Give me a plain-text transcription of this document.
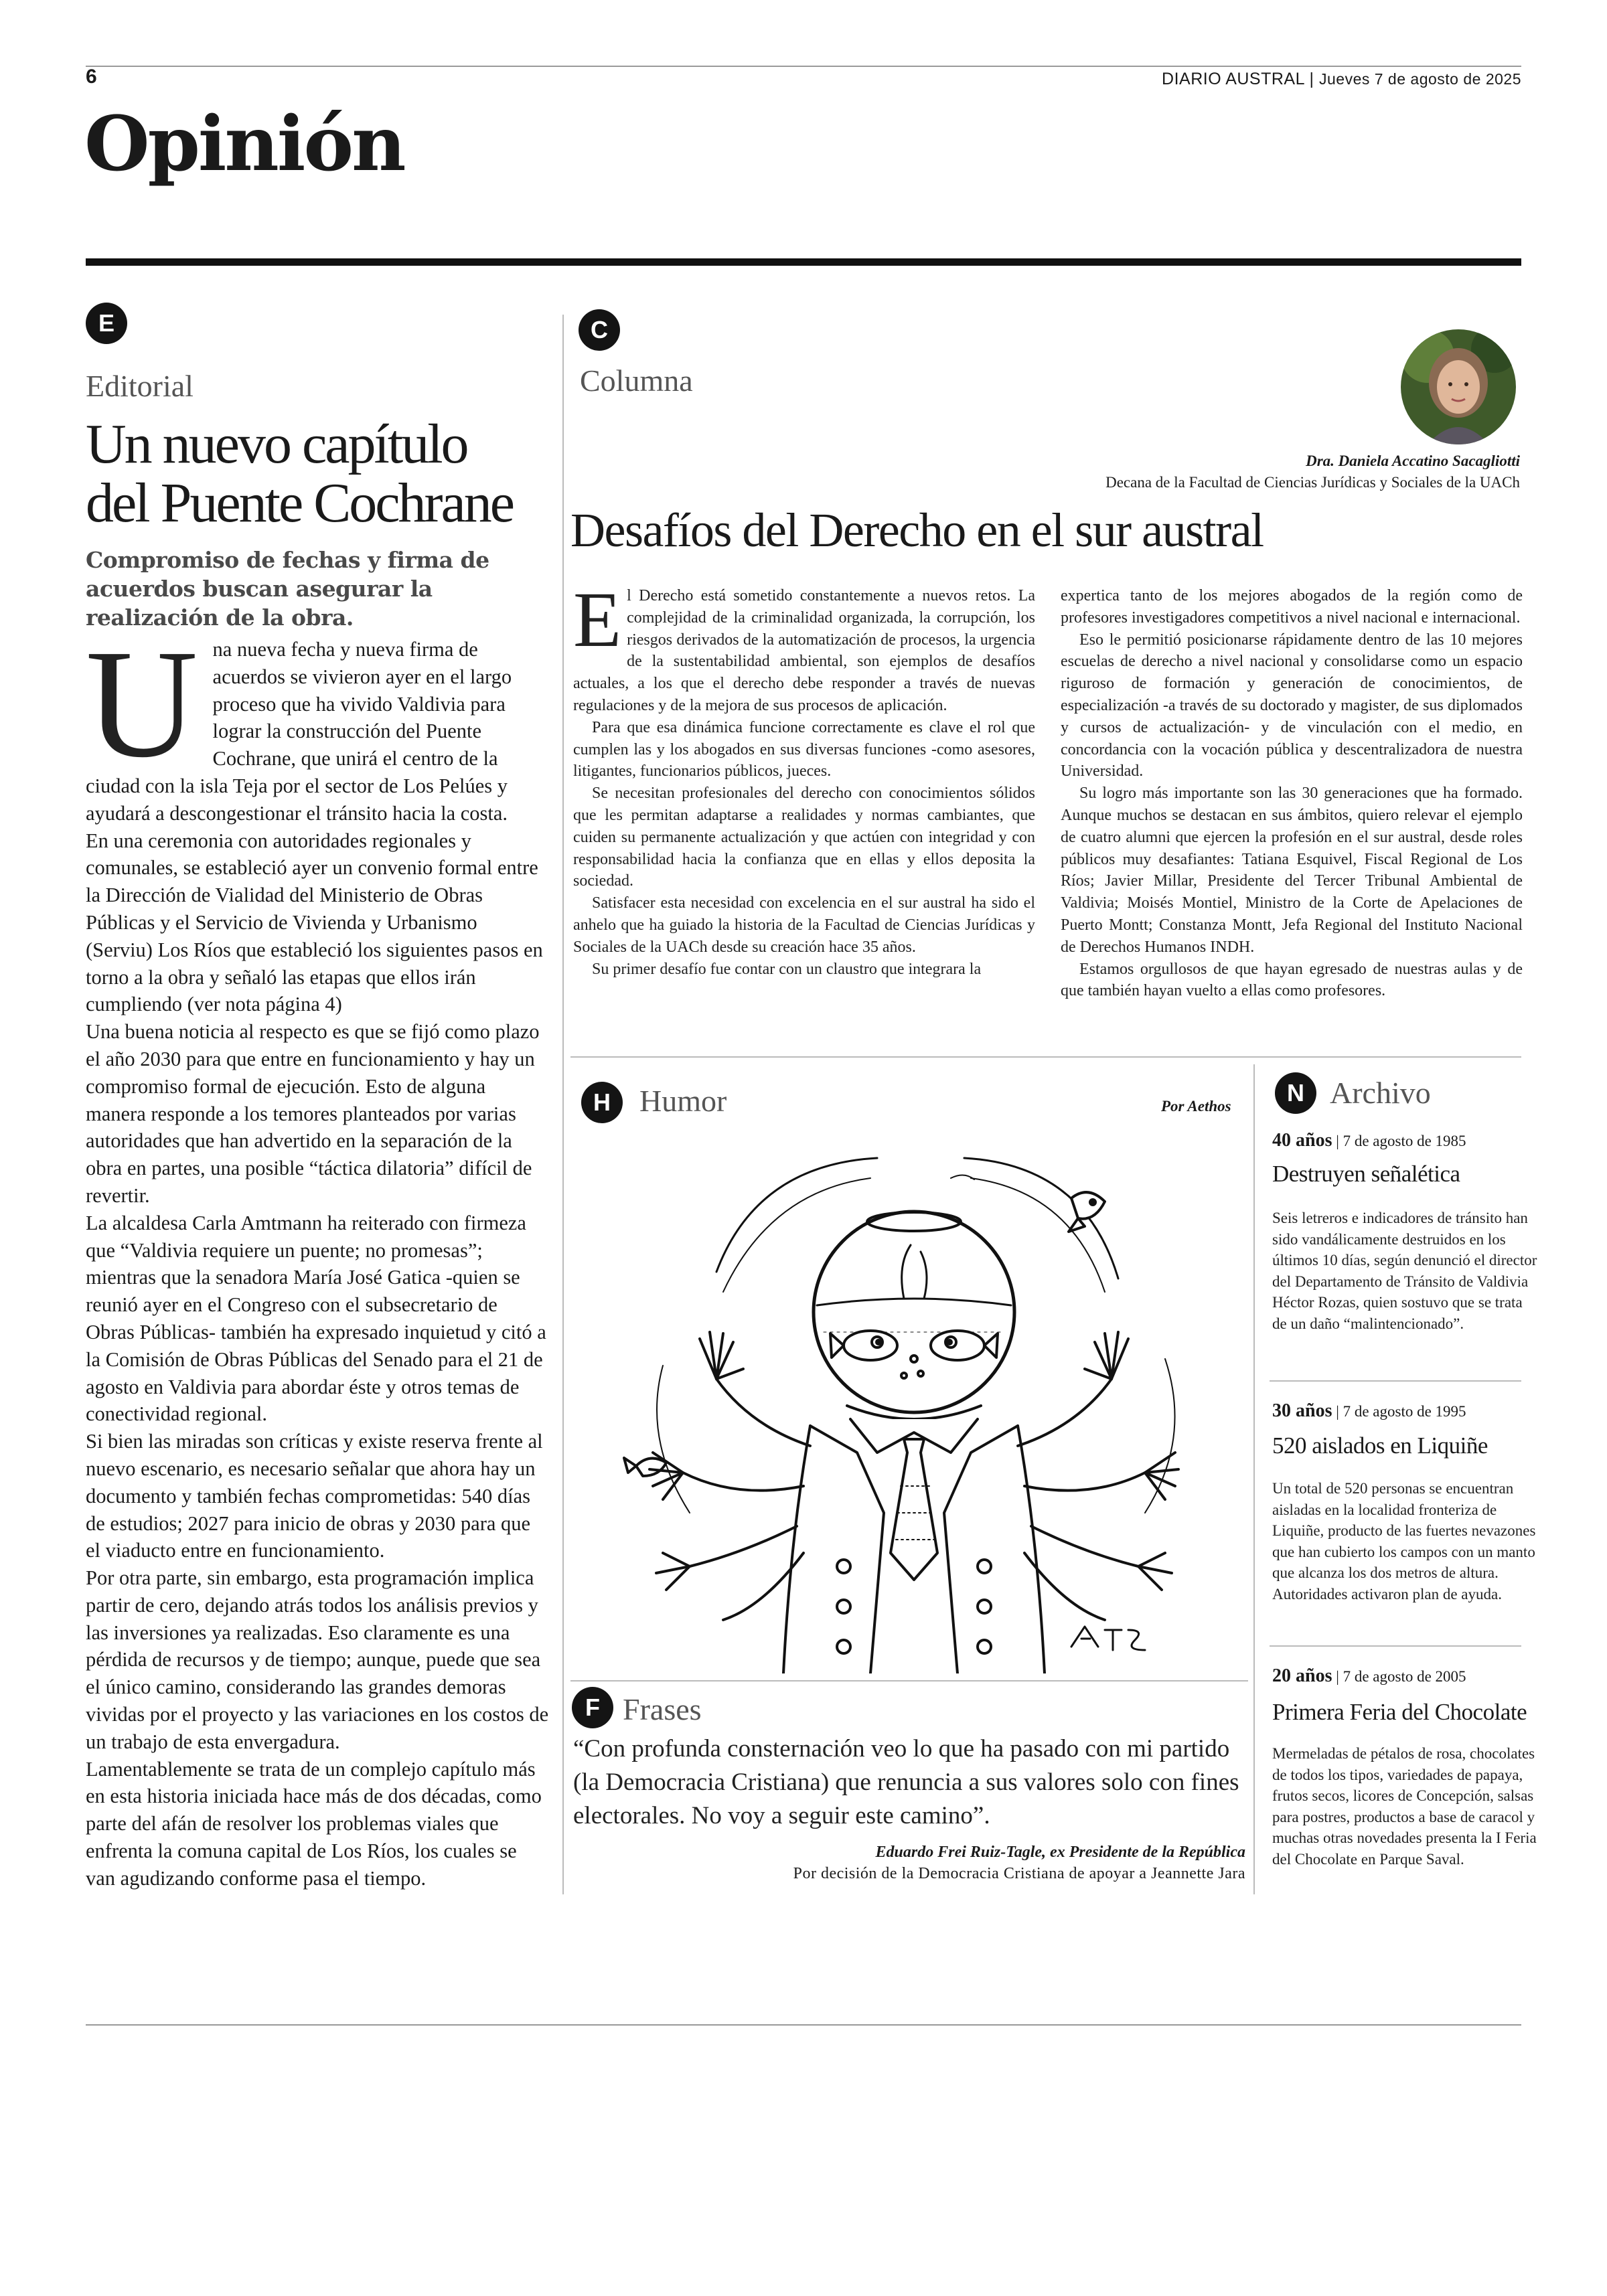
6	DIARIO AUSTRAL | Jueves 7 de agosto de 2025
Opinión
E
Editorial
Un nuevo capítulo
del Puente Cochrane
Compromiso de fechas y firma de acuerdos buscan asegurar la realización de la obra.
U na nueva fecha y nueva firma de acuerdos se vivieron ayer en el largo proceso que ha vivido Valdivia para lograr la construcción del Puente Cochrane, que unirá el centro de la ciudad con la isla Teja por el sector de Los Pelúes y ayudará a descongestionar el tránsito hacia la costa.

En una ceremonia con autoridades regionales y comunales, se estableció ayer un convenio formal entre la Dirección de Vialidad del Ministerio de Obras Públicas y el Servicio de Vivienda y Urbanismo (Serviu) Los Ríos que estableció los siguientes pasos en torno a la obra y señaló las etapas que ellos irán cumpliendo (ver nota página 4)

Una buena noticia al respecto es que se fijó como plazo el año 2030 para que entre en funcionamiento y hay un compromiso formal de ejecución. Esto de alguna manera responde a los temores planteados por varias autoridades que han advertido en la separación de la obra en partes, una posible “táctica dilatoria” difícil de revertir.

La alcaldesa Carla Amtmann ha reiterado con firmeza que “Valdivia requiere un puente; no promesas”; mientras que la senadora María José Gatica -quien se reunió ayer en el Congreso con el subsecretario de Obras Públicas- también ha expresado inquietud y citó a la Comisión de Obras Públicas del Senado para el 21 de agosto en Valdivia para abordar éste y otros temas de conectividad regional.

Si bien las miradas son críticas y existe reserva frente al nuevo escenario, es necesario señalar que ahora hay un documento y también fechas comprometidas: 540 días de estudios; 2027 para inicio de obras y 2030 para que el viaducto entre en funcionamiento.

Por otra parte, sin embargo, esta programación implica partir de cero, dejando atrás todos los análisis previos y las inversiones ya realizadas. Eso claramente es una pérdida de recursos y de tiempo; aunque, puede que sea el único camino, considerando las grandes demoras vividas por el proyecto y las variaciones en los costos de un trabajo de esta envergadura.

Lamentablemente se trata de un complejo capítulo más en esta historia iniciada hace más de dos décadas, como parte del afán de resolver los problemas viales que enfrenta la comuna capital de Los Ríos, los cuales se van agudizando conforme pasa el tiempo.

C
Columna
Dra. Daniela Accatino Sacagliotti
Decana de la Facultad de Ciencias Jurídicas y Sociales de la UACh
Desafíos del Derecho en el sur austral
E l Derecho está sometido constantemente a nuevos retos. La complejidad de la criminalidad organizada, la corrupción, los riesgos derivados de la automatización de procesos, la urgencia de la sustentabilidad ambiental, son ejemplos de desafíos actuales, a los que el derecho debe responder a través de nuevas regulaciones y de la mejora de sus procesos de aplicación.

Para que esa dinámica funcione correctamente es clave el rol que cumplen las y los abogados en sus diversas funciones -como asesores, litigantes, funcionarios públicos, jueces.

Se necesitan profesionales del derecho con conocimientos sólidos que les permitan adaptarse a realidades y normas cambiantes, que cuiden su permanente actualización y que actúen con integridad y con responsabilidad hacia la confianza que en ellas y ellos deposita la sociedad.

Satisfacer esta necesidad con excelencia en el sur austral ha sido el anhelo que ha guiado la historia de la Facultad de Ciencias Jurídicas y Sociales de la UACh desde su creación hace 35 años.

Su primer desafío fue contar con un claustro que integrara la

expertica tanto de los mejores abogados de la región como de profesores investigadores competitivos a nivel nacional e internacional.

Eso le permitió posicionarse rápidamente dentro de las 10 mejores escuelas de derecho a nivel nacional y consolidarse como un espacio riguroso de formación y generación de conocimientos, de especialización -a través de su doctorado y magister, de sus diplomados y cursos de actualización- y de vinculación con el medio, en concordancia con la vocación pública y descentralizadora de nuestra Universidad.

Su logro más importante son las 30 generaciones que ha formado. Aunque muchos se destacan en sus ámbitos, quiero relevar el ejemplo de cuatro alumni que ejercen la profesión en el sur austral, desde roles públicos muy desafiantes: Tatiana Esquivel, Fiscal Regional de Los Ríos; Javier Millar, Presidente del Tercer Tribunal Ambiental de Valdivia; Moisés Montiel, Ministro de la Corte de Apelaciones de Puerto Montt; Constanza Montt, Jefa Regional del Instituto Nacional de Derechos Humanos INDH.

Estamos orgullosos de que hayan egresado de nuestras aulas y de que también hayan vuelto a ellas como profesores.

H Humor	Por Aethos
F Frases
“Con profunda consternación veo lo que ha pasado con mi partido (la Democracia Cristiana) que renuncia a sus valores solo con fines electorales. No voy a seguir este camino”.
Eduardo Frei Ruiz-Tagle, ex Presidente de la República
Por decisión de la Democracia Cristiana de apoyar a Jeannette Jara
N Archivo
40 años | 7 de agosto de 1985
Destruyen señalética
Seis letreros e indicadores de tránsito han sido vandálicamente destruidos en los últimos 10 días, según denunció el director del Departamento de Tránsito de Valdivia Héctor Rozas, quien sostuvo que se trata de un daño “malintencionado”.
30 años | 7 de agosto de 1995
520 aislados en Liquiñe
Un total de 520 personas se encuentran aisladas en la localidad fronteriza de Liquiñe, producto de las fuertes nevazones que han cubierto los campos con un manto que alcanza los dos metros de altura. Autoridades activaron plan de ayuda.
20 años | 7 de agosto de 2005
Primera Feria del Chocolate
Mermeladas de pétalos de rosa, chocolates de todos los tipos, variedades de papaya, frutos secos, licores de Concepción, salsas para postres, productos a base de caracol y muchas otras novedades presenta la I Feria del Chocolate en Parque Saval.
